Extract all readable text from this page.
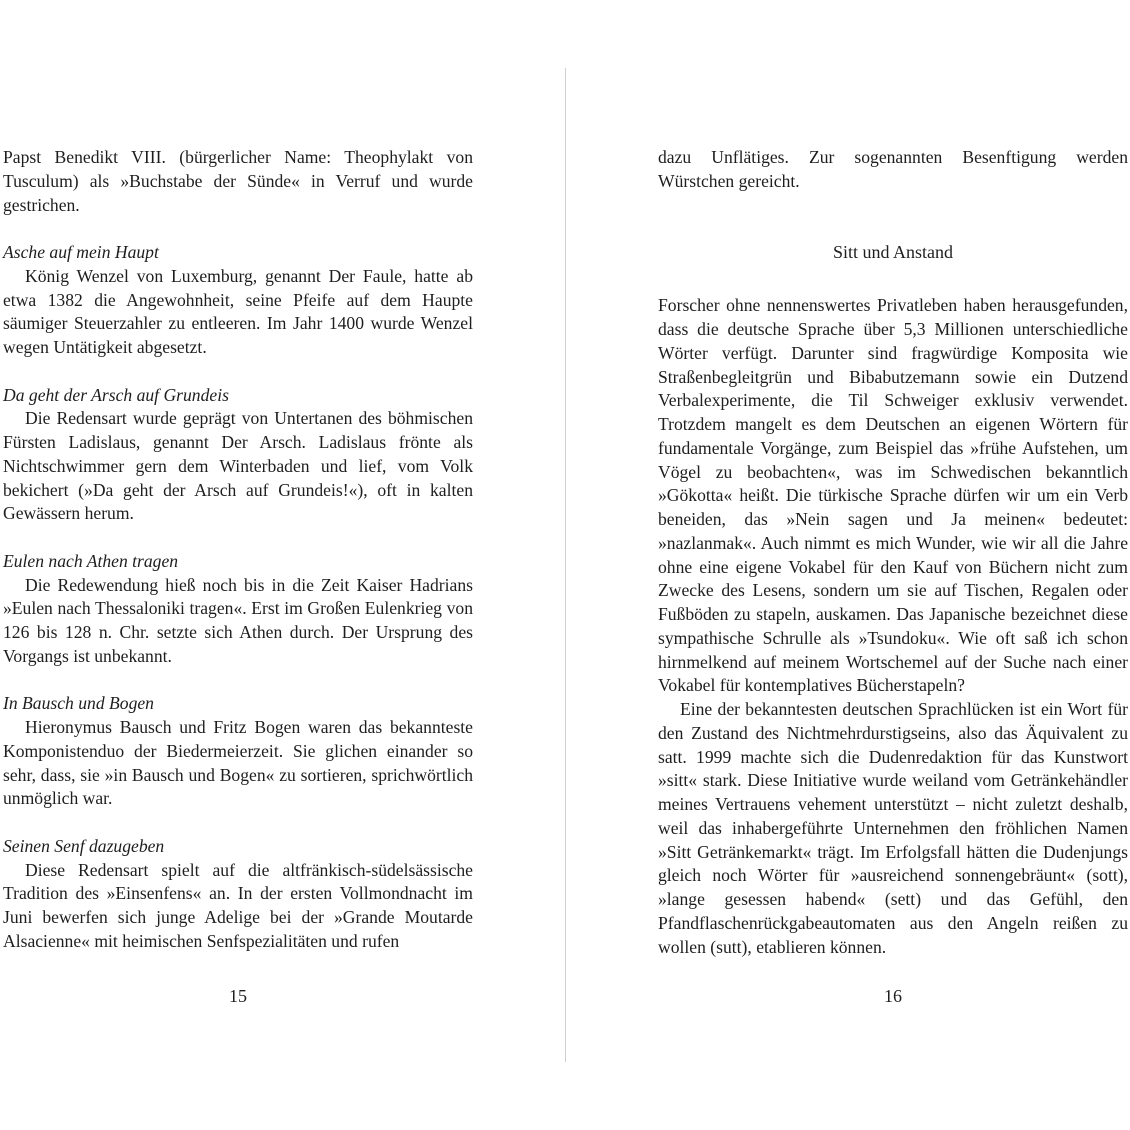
Papst Benedikt VIII. (bürgerlicher Name: Theophylakt von Tusculum) als »Buchstabe der Sünde« in Verruf und wurde gestrichen.

Asche auf mein Haupt

König Wenzel von Luxemburg, genannt Der Faule, hatte ab etwa 1382 die Angewohnheit, seine Pfeife auf dem Haupte säumiger Steuerzahler zu entleeren. Im Jahr 1400 wurde Wenzel wegen Untätigkeit abgesetzt.

Da geht der Arsch auf Grundeis

Die Redensart wurde geprägt von Untertanen des böhmischen Fürsten Ladislaus, genannt Der Arsch. Ladislaus frönte als Nichtschwimmer gern dem Winterbaden und lief, vom Volk bekichert (»Da geht der Arsch auf Grundeis!«), oft in kalten Gewässern herum.

Eulen nach Athen tragen

Die Redewendung hieß noch bis in die Zeit Kaiser Hadrians »Eulen nach Thessaloniki tragen«. Erst im Großen Eulenkrieg von 126 bis 128 n. Chr. setzte sich Athen durch. Der Ursprung des Vorgangs ist unbekannt.

In Bausch und Bogen

Hieronymus Bausch und Fritz Bogen waren das bekannteste Komponistenduo der Biedermeierzeit. Sie glichen einander so sehr, dass, sie »in Bausch und Bogen« zu sortieren, sprichwörtlich unmöglich war.

Seinen Senf dazugeben

Diese Redensart spielt auf die altfränkisch-südelsässische Tradition des »Einsenfens« an. In der ersten Vollmondnacht im Juni bewerfen sich junge Adelige bei der »Grande Moutarde Alsacienne« mit heimischen Senfspezialitäten und rufen

15

dazu Unflätiges. Zur sogenannten Besenftigung werden Würstchen gereicht.

Sitt und Anstand

Forscher ohne nennenswertes Privatleben haben herausgefunden, dass die deutsche Sprache über 5,3 Millionen unterschiedliche Wörter verfügt. Darunter sind fragwürdige Komposita wie Straßenbegleitgrün und Bibabutzemann sowie ein Dutzend Verbalexperimente, die Til Schweiger exklusiv verwendet. Trotzdem mangelt es dem Deutschen an eigenen Wörtern für fundamentale Vorgänge, zum Beispiel das »frühe Aufstehen, um Vögel zu beobachten«, was im Schwedischen bekanntlich »Gökotta« heißt. Die türkische Sprache dürfen wir um ein Verb beneiden, das »Nein sagen und Ja meinen« bedeutet: »nazlanmak«. Auch nimmt es mich Wunder, wie wir all die Jahre ohne eine eigene Vokabel für den Kauf von Büchern nicht zum Zwecke des Lesens, sondern um sie auf Tischen, Regalen oder Fußböden zu stapeln, auskamen. Das Japanische bezeichnet diese sympathische Schrulle als »Tsundoku«. Wie oft saß ich schon hirnmelkend auf meinem Wortschemel auf der Suche nach einer Vokabel für kontemplatives Bücherstapeln?

Eine der bekanntesten deutschen Sprachlücken ist ein Wort für den Zustand des Nichtmehrdurstigseins, also das Äquivalent zu satt. 1999 machte sich die Dudenredaktion für das Kunstwort »sitt« stark. Diese Initiative wurde weiland vom Getränkehändler meines Vertrauens vehement unterstützt – nicht zuletzt deshalb, weil das inhabergeführte Unternehmen den fröhlichen Namen »Sitt Getränkemarkt« trägt. Im Erfolgsfall hätten die Dudenjungs gleich noch Wörter für »ausreichend sonnengebräunt« (sott), »lange gesessen habend« (sett) und das Gefühl, den Pfandflaschenrückgabeautomaten aus den Angeln reißen zu wollen (sutt), etablieren können.

16
